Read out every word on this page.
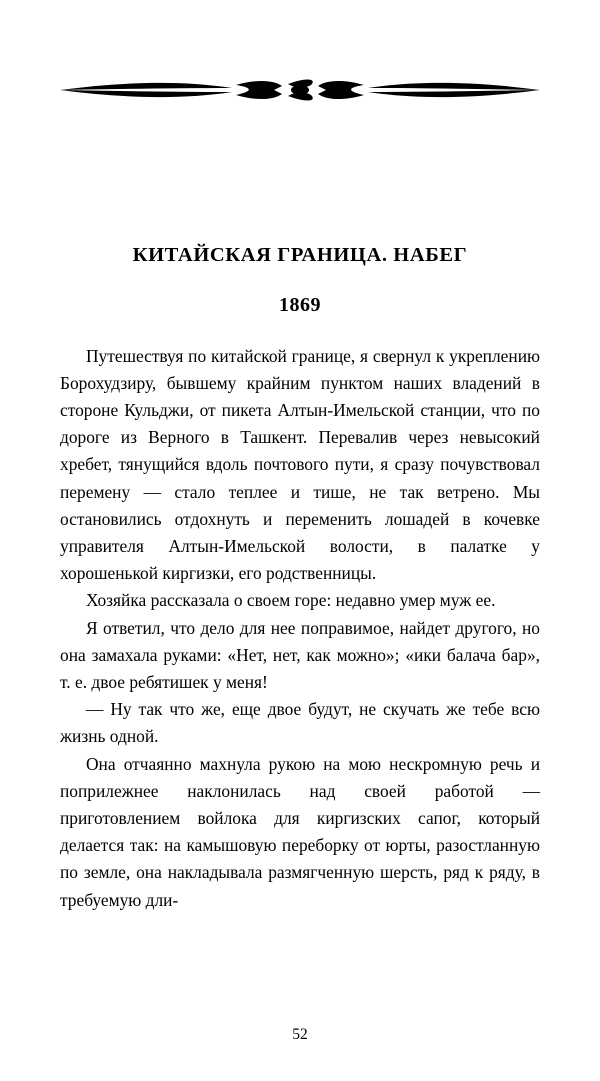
КИТАЙСКАЯ ГРАНИЦА. НАБЕГ
1869

Путешествуя по китайской границе, я свернул к укреплению Борохудзиру, бывшему крайним пунктом наших владений в стороне Кульджи, от пикета Алтын-Имельской станции, что по дороге из Верного в Ташкент. Перевалив через невысокий хребет, тянущийся вдоль почтового пути, я сразу почувствовал перемену — стало теплее и тише, не так ветрено. Мы остановились отдохнуть и переменить лошадей в кочевке управителя Алтын-Имельской волости, в палатке у хорошенькой киргизки, его родственницы.

Хозяйка рассказала о своем горе: недавно умер муж ее.

Я ответил, что дело для нее поправимое, найдет другого, но она замахала руками: «Нет, нет, как можно»; «ики балача бар», т. е. двое ребятишек у меня!

— Ну так что же, еще двое будут, не скучать же тебе всю жизнь одной.

Она отчаянно махнула рукою на мою нескромную речь и поприлежнее наклонилась над своей работой — приготовлением войлока для киргизских сапог, который делается так: на камышовую переборку от юрты, разостланную по земле, она накладывала размягченную шерсть, ряд к ряду, в требуемую дли-

52
